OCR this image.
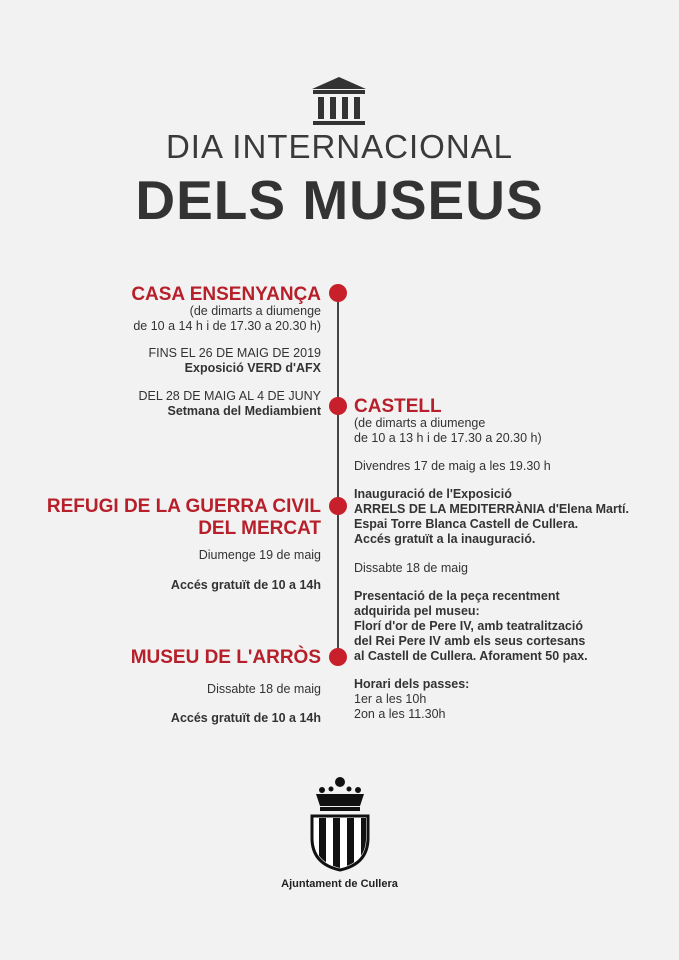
DIA INTERNACIONAL
DELS MUSEUS
CASA ENSENYANÇA
(de dimarts a diumenge
de 10 a 14 h i de 17.30 a 20.30 h)
FINS EL 26 DE MAIG DE 2019
Exposició VERD d'AFX
DEL 28 DE MAIG AL 4 DE JUNY
Setmana del Mediambient
REFUGI DE LA GUERRA CIVIL
DEL MERCAT
Diumenge 19 de maig
Accés gratuït de 10 a 14h
MUSEU DE L'ARRÒS
Dissabte 18 de maig
Accés gratuït de 10 a 14h
CASTELL
(de dimarts a diumenge
de 10 a 13 h i de 17.30 a 20.30 h)
Divendres 17 de maig a les 19.30 h
Inauguració de l'Exposició
ARRELS DE LA MEDITERRÀNIA d'Elena Martí.
Espai Torre Blanca Castell de Cullera.
Accés gratuït a la inauguració.
Dissabte 18 de maig
Presentació de la peça recentment
adquirida pel museu:
Florí d'or de Pere IV, amb teatralització
del Rei Pere IV amb els seus cortesans
al Castell de Cullera. Aforament 50 pax.
Horari dels passes:
1er a les 10h
2on a les 11.30h
Ajuntament de Cullera
